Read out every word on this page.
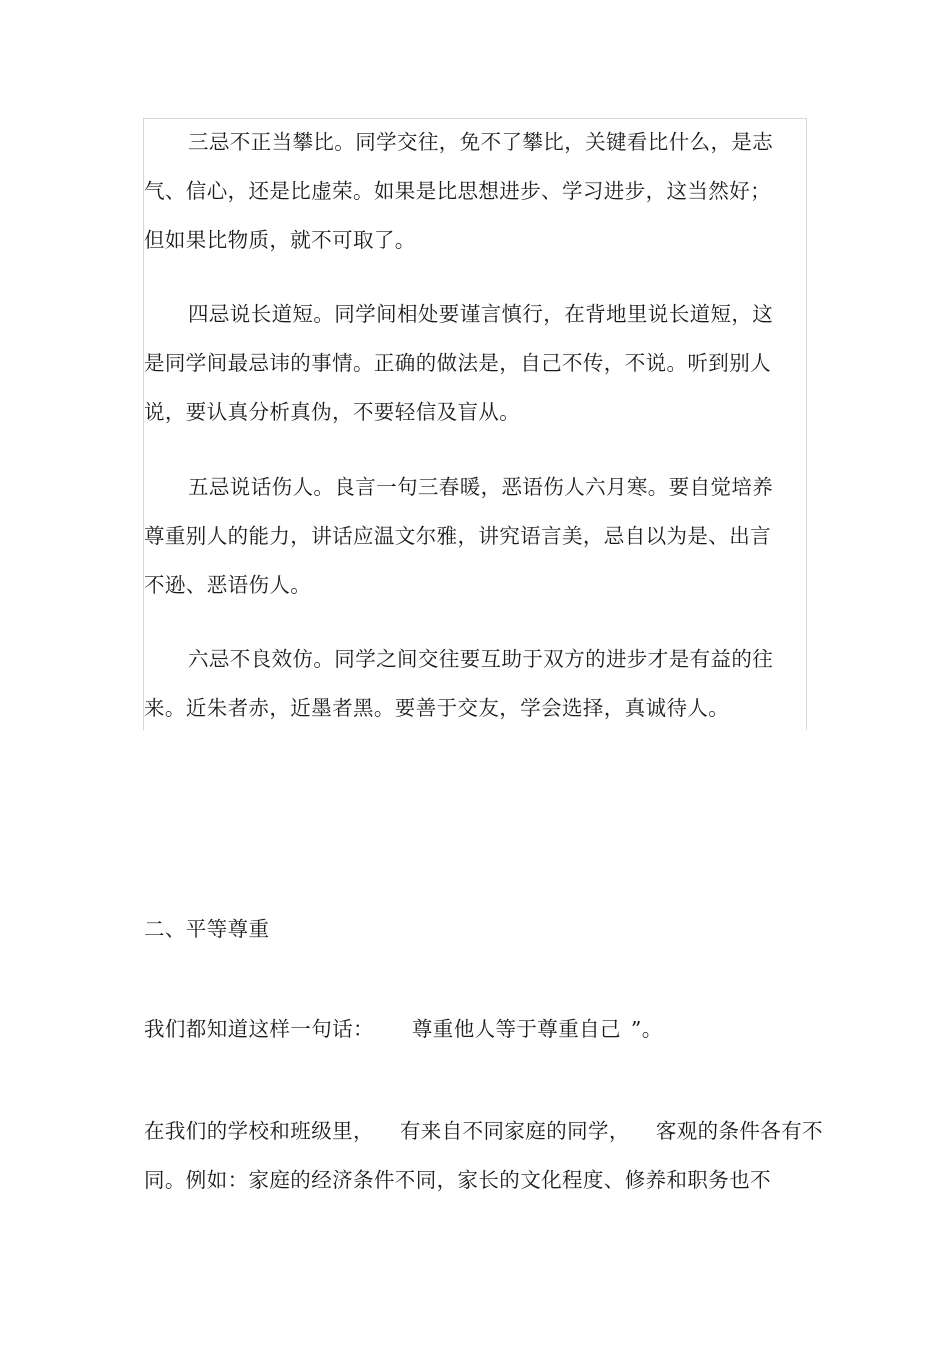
三忌不正当攀比。同学交往，免不了攀比，关键看比什么，是志
气、信心，还是比虚荣。如果是比思想进步、学习进步，这当然好；
但如果比物质，就不可取了。
四忌说长道短。同学间相处要谨言慎行，在背地里说长道短，这
是同学间最忌讳的事情。正确的做法是，自己不传，不说。听到别人
说，要认真分析真伪，不要轻信及盲从。
五忌说话伤人。良言一句三春暖，恶语伤人六月寒。要自觉培养
尊重别人的能力，讲话应温文尔雅，讲究语言美，忌自以为是、出言
不逊、恶语伤人。
六忌不良效仿。同学之间交往要互助于双方的进步才是有益的往
来。近朱者赤，近墨者黑。要善于交友，学会选择，真诚待人。
二、平等尊重
我们都知道这样一句话： 尊重他人等于尊重自己 ”。
在我们的学校和班级里， 有来自不同家庭的同学， 客观的条件各有不
同。例如：家庭的经济条件不同，家长的文化程度、修养和职务也不
